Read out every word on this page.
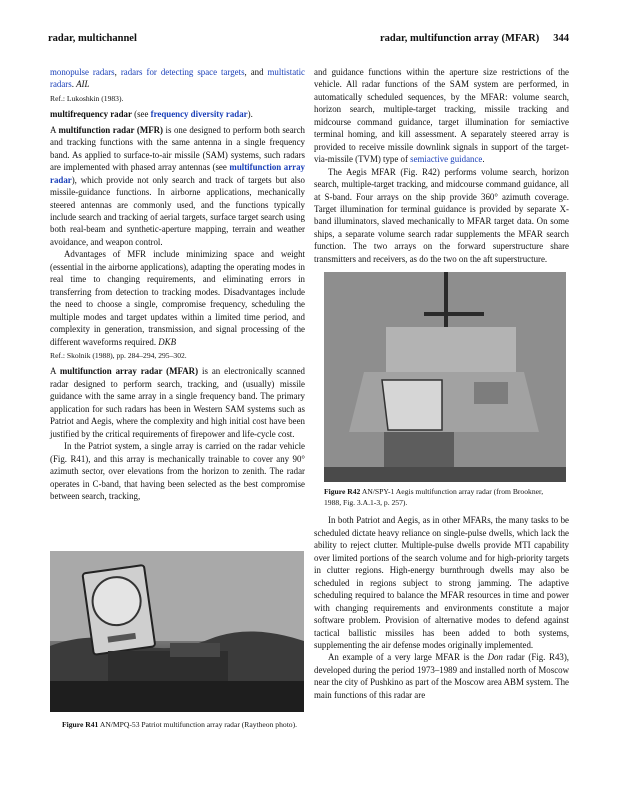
radar, multichannel	radar, multifunction array (MFAR) 344

monopulse radars, radars for detecting space targets, and multistatic radars. AIL

Ref.: Lukoshkin (1983).

multifrequency radar (see frequency diversity radar).

A multifunction radar (MFR) is one designed to perform both search and tracking functions with the same antenna in a single frequency band. As applied to surface-to-air missile (SAM) systems, such radars are implemented with phased array antennas (see multifunction array radar), which provide not only search and track of targets but also missile-guidance functions. In airborne applications, mechanically steered antennas are commonly used, and the functions typically include search and tracking of aerial targets, surface target search using both real-beam and synthetic-aperture mapping, terrain and weather avoidance, and weapon control.

Advantages of MFR include minimizing space and weight (essential in the airborne applications), adapting the operating modes in real time to changing requirements, and eliminating errors in transferring from detection to tracking modes. Disadvantages include the need to choose a single, compromise frequency, scheduling the multiple modes and target updates within a limited time period, and complexity in generation, transmission, and signal processing of the different waveforms required. DKB

Ref.: Skolnik (1988), pp. 284–294, 295–302.

A multifunction array radar (MFAR) is an electronically scanned radar designed to perform search, tracking, and (usually) missile guidance with the same array in a single frequency band. The primary application for such radars has been in Western SAM systems such as Patriot and Aegis, where the complexity and high initial cost have been justified by the critical requirements of firepower and life-cycle cost.

In the Patriot system, a single array is carried on the radar vehicle (Fig. R41), and this array is mechanically trainable to cover any 90° azimuth sector, over elevations from the horizon to zenith. The radar operates in C-band, that having been selected as the best compromise between search, tracking,

Figure R41 AN/MPQ-53 Patriot multifunction array radar (Raytheon photo).

and guidance functions within the aperture size restrictions of the vehicle. All radar functions of the SAM system are performed, in automatically scheduled sequences, by the MFAR: volume search, horizon search, multiple-target tracking, missile tracking and midcourse command guidance, target illumination for semiactive terminal homing, and kill assessment. A separately steered array is provided to receive missile downlink signals in support of the target-via-missile (TVM) type of semiactive guidance.

The Aegis MFAR (Fig. R42) performs volume search, horizon search, multiple-target tracking, and midcourse command guidance, all at S-band. Four arrays on the ship provide 360° azimuth coverage. Target illumination for terminal guidance is provided by separate X-band illuminators, slaved mechanically to MFAR target data. On some ships, a separate volume search radar supplements the MFAR search function. The two arrays on the forward superstructure share transmitters and receivers, as do the two on the aft superstructure.

Figure R42 AN/SPY-1 Aegis multifunction array radar (from Brookner, 1988, Fig. 3.A.1-3, p. 257).

In both Patriot and Aegis, as in other MFARs, the many tasks to be scheduled dictate heavy reliance on single-pulse dwells, which lack the ability to reject clutter. Multiple-pulse dwells provide MTI capability over limited portions of the search volume and for high-priority targets in clutter regions. High-energy burnthrough dwells may also be scheduled in regions subject to strong jamming. The adaptive scheduling required to balance the MFAR resources in time and power with changing requirements and environments constitute a major software problem. Provision of alternative modes to defend against tactical ballistic missiles has been added to both systems, supplementing the air defense modes originally implemented.

An example of a very large MFAR is the Don radar (Fig. R43), developed during the period 1973–1989 and installed north of Moscow near the city of Pushkino as part of the Moscow area ABM system. The main functions of this radar are
